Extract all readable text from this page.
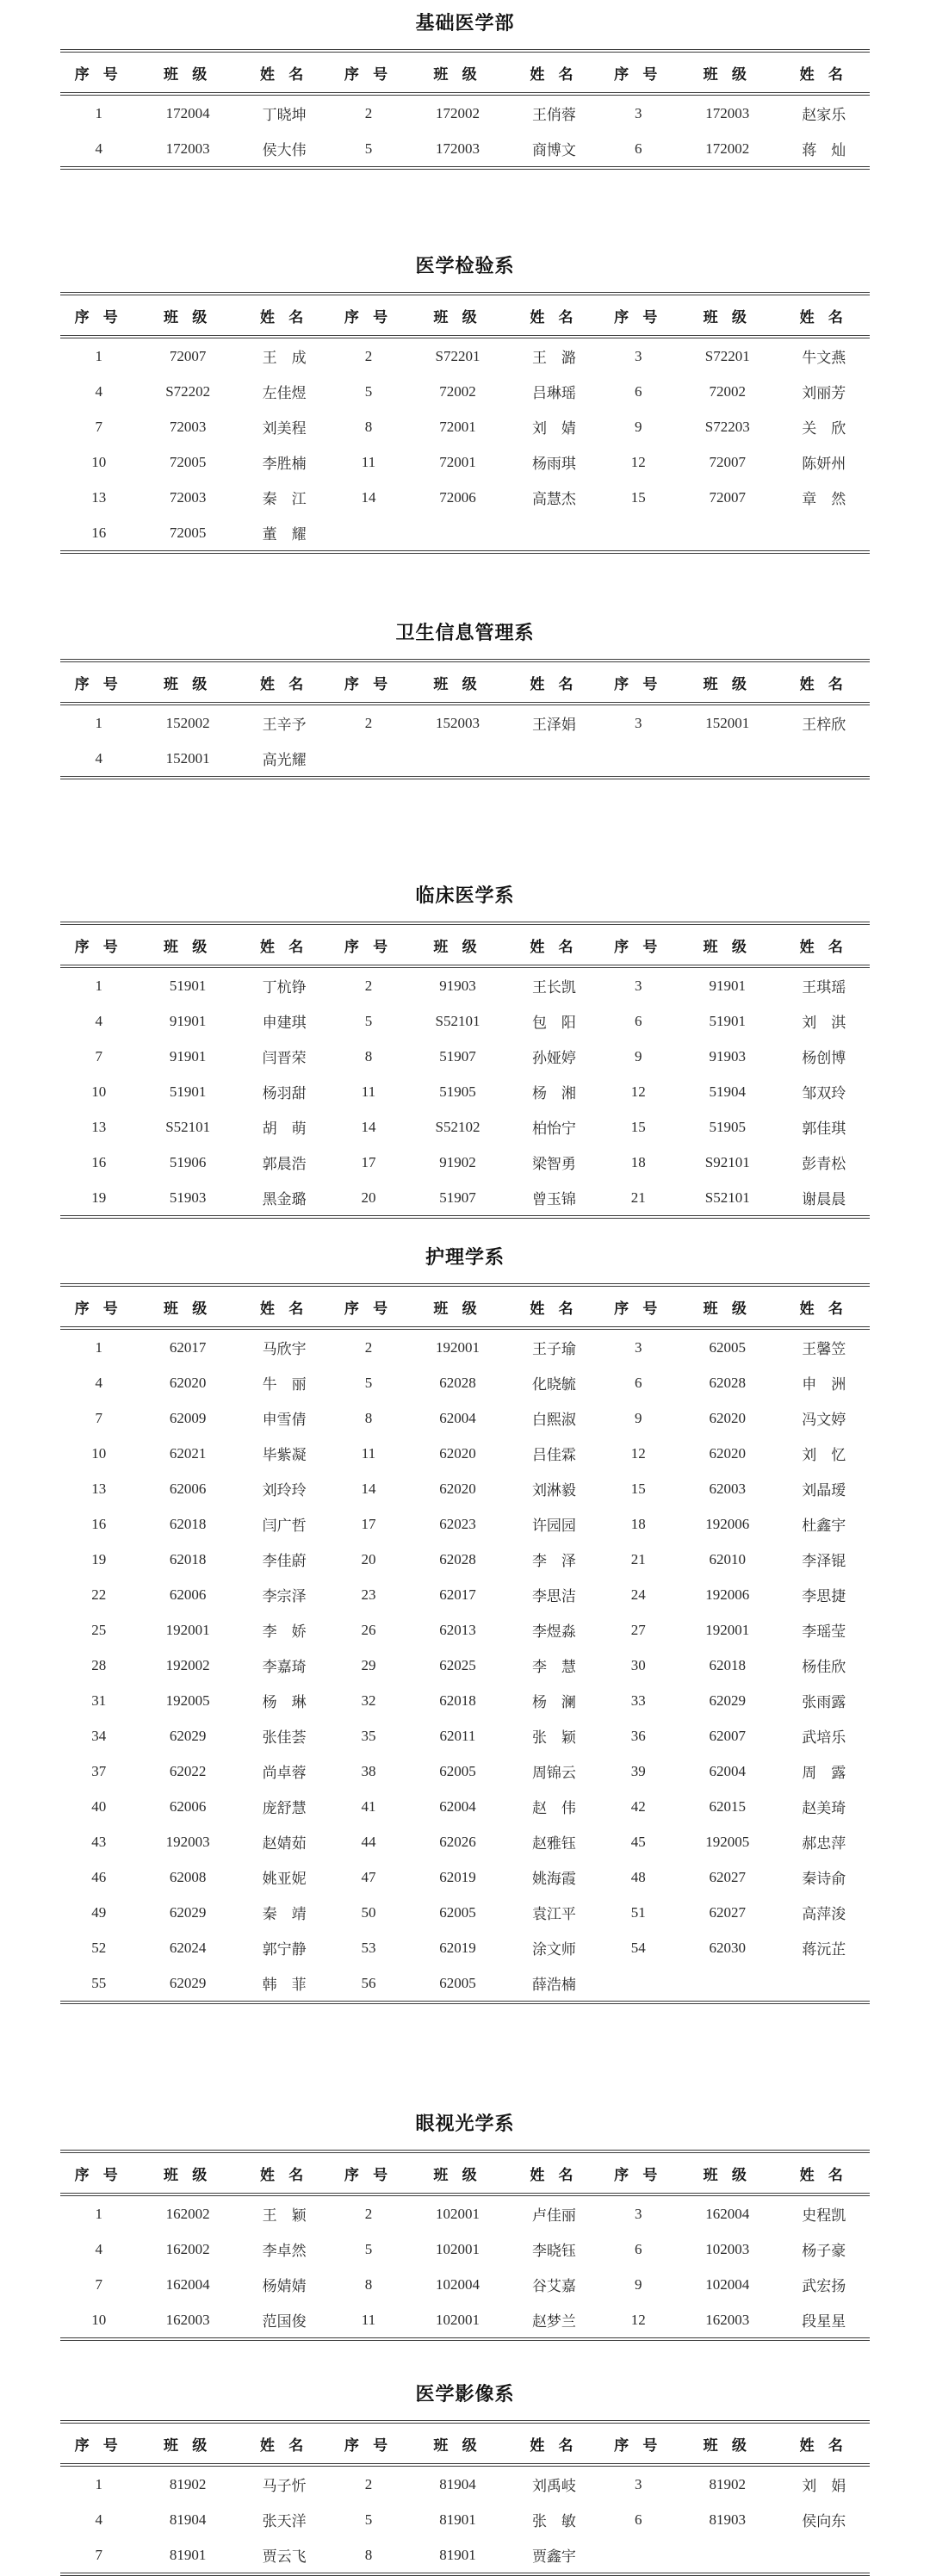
基础医学部
序 号	班 级	姓 名	序 号	班 级	姓 名	序 号	班 级	姓 名
1	172004	丁晓坤	2	172002	王俏蓉	3	172003	赵家乐
4	172003	侯大伟	5	172003	商博文	6	172002	蒋　灿
医学检验系
序 号	班 级	姓 名	序 号	班 级	姓 名	序 号	班 级	姓 名
1	72007	王　成	2	S72201	王　潞	3	S72201	牛文燕
4	S72202	左佳煜	5	72002	吕琳瑶	6	72002	刘丽芳
7	72003	刘美程	8	72001	刘　婧	9	S72203	关　欣
10	72005	李胜楠	11	72001	杨雨琪	12	72007	陈妍州
13	72003	秦　江	14	72006	高慧杰	15	72007	章　然
16	72005	董　耀						
卫生信息管理系
序 号	班 级	姓 名	序 号	班 级	姓 名	序 号	班 级	姓 名
1	152002	王辛予	2	152003	王泽娟	3	152001	王梓欣
4	152001	高光耀						
临床医学系
序 号	班 级	姓 名	序 号	班 级	姓 名	序 号	班 级	姓 名
1	51901	丁杭铮	2	91903	王长凯	3	91901	王琪瑶
4	91901	申建琪	5	S52101	包　阳	6	51901	刘　淇
7	91901	闫晋荣	8	51907	孙娅婷	9	91903	杨创博
10	51901	杨羽甜	11	51905	杨　湘	12	51904	邹双玲
13	S52101	胡　萌	14	S52102	柏怡宁	15	51905	郭佳琪
16	51906	郭晨浩	17	91902	梁智勇	18	S92101	彭青松
19	51903	黑金璐	20	51907	曾玉锦	21	S52101	谢晨晨
护理学系
序 号	班 级	姓 名	序 号	班 级	姓 名	序 号	班 级	姓 名
1	62017	马欣宇	2	192001	王子瑜	3	62005	王馨笠
4	62020	牛　丽	5	62028	化晓毓	6	62028	申　洲
7	62009	申雪倩	8	62004	白熙淑	9	62020	冯文婷
10	62021	毕紫凝	11	62020	吕佳霖	12	62020	刘　忆
13	62006	刘玲玲	14	62020	刘淋毅	15	62003	刘晶瑷
16	62018	闫广哲	17	62023	许园园	18	192006	杜鑫宇
19	62018	李佳蔚	20	62028	李　泽	21	62010	李泽锟
22	62006	李宗泽	23	62017	李思洁	24	192006	李思捷
25	192001	李　娇	26	62013	李煜淼	27	192001	李瑶莹
28	192002	李嘉琦	29	62025	李　慧	30	62018	杨佳欣
31	192005	杨　琳	32	62018	杨　澜	33	62029	张雨露
34	62029	张佳荟	35	62011	张　颖	36	62007	武培乐
37	62022	尚卓蓉	38	62005	周锦云	39	62004	周　露
40	62006	庞舒慧	41	62004	赵　伟	42	62015	赵美琦
43	192003	赵婧茹	44	62026	赵雅钰	45	192005	郝忠萍
46	62008	姚亚妮	47	62019	姚海霞	48	62027	秦诗俞
49	62029	秦　靖	50	62005	袁江平	51	62027	高萍浚
52	62024	郭宁静	53	62019	涂文师	54	62030	蒋沅芷
55	62029	韩　菲	56	62005	薛浩楠			
眼视光学系
序 号	班 级	姓 名	序 号	班 级	姓 名	序 号	班 级	姓 名
1	162002	王　颖	2	102001	卢佳丽	3	162004	史程凯
4	162002	李卓然	5	102001	李晓钰	6	102003	杨子豪
7	162004	杨婧婧	8	102004	谷艾嘉	9	102004	武宏扬
10	162003	范国俊	11	102001	赵梦兰	12	162003	段星星
医学影像系
序 号	班 级	姓 名	序 号	班 级	姓 名	序 号	班 级	姓 名
1	81902	马子忻	2	81904	刘禹岐	3	81902	刘　娟
4	81904	张天洋	5	81901	张　敏	6	81903	侯向东
7	81901	贾云飞	8	81901	贾鑫宇			
